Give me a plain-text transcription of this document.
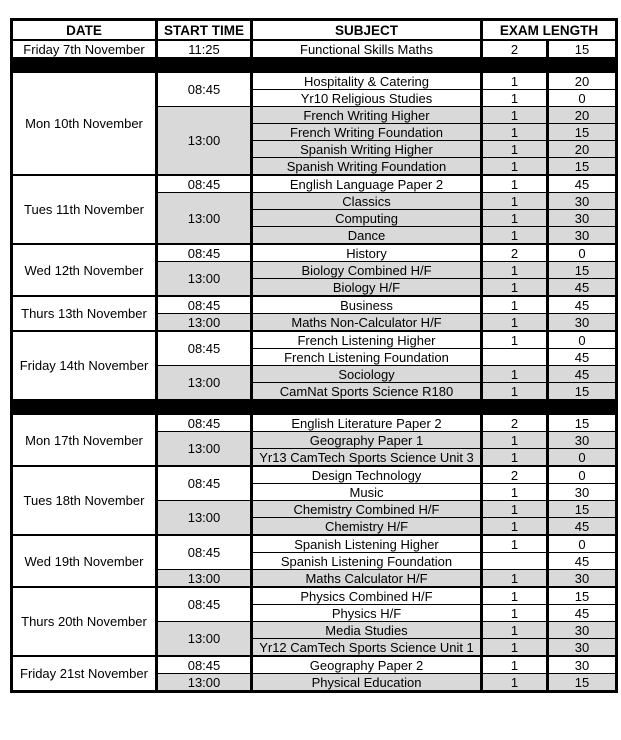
DATE	START TIME	SUBJECT	EXAM LENGTH	
Friday 7th November	11:25	Functional Skills Maths	2	15

Mon 10th November	08:45	Hospitality & Catering	1	20
		Yr10 Religious Studies	1	0
	13:00	French Writing Higher	1	20
		French Writing Foundation	1	15
		Spanish Writing Higher	1	20
		Spanish Writing Foundation	1	15
Tues 11th November	08:45	English Language Paper 2	1	45
	13:00	Classics	1	30
		Computing	1	30
		Dance	1	30
Wed 12th November	08:45	History	2	0
	13:00	Biology Combined H/F	1	15
		Biology H/F	1	45
Thurs 13th November	08:45	Business	1	45
	13:00	Maths Non-Calculator H/F	1	30
Friday 14th November	08:45	French Listening Higher	1	0
		French Listening Foundation		45
	13:00	Sociology	1	45
		CamNat Sports Science R180	1	15

Mon 17th November	08:45	English Literature Paper 2	2	15
	13:00	Geography Paper 1	1	30
		Yr13 CamTech Sports Science Unit 3	1	0
Tues 18th November	08:45	Design Technology	2	0
		Music	1	30
	13:00	Chemistry Combined H/F	1	15
		Chemistry H/F	1	45
Wed 19th November	08:45	Spanish Listening Higher	1	0
		Spanish Listening Foundation		45
	13:00	Maths Calculator H/F	1	30
Thurs 20th November	08:45	Physics Combined H/F	1	15
		Physics H/F	1	45
	13:00	Media Studies	1	30
		Yr12 CamTech Sports Science Unit 1	1	30
Friday 21st November	08:45	Geography Paper 2	1	30
	13:00	Physical Education	1	15
